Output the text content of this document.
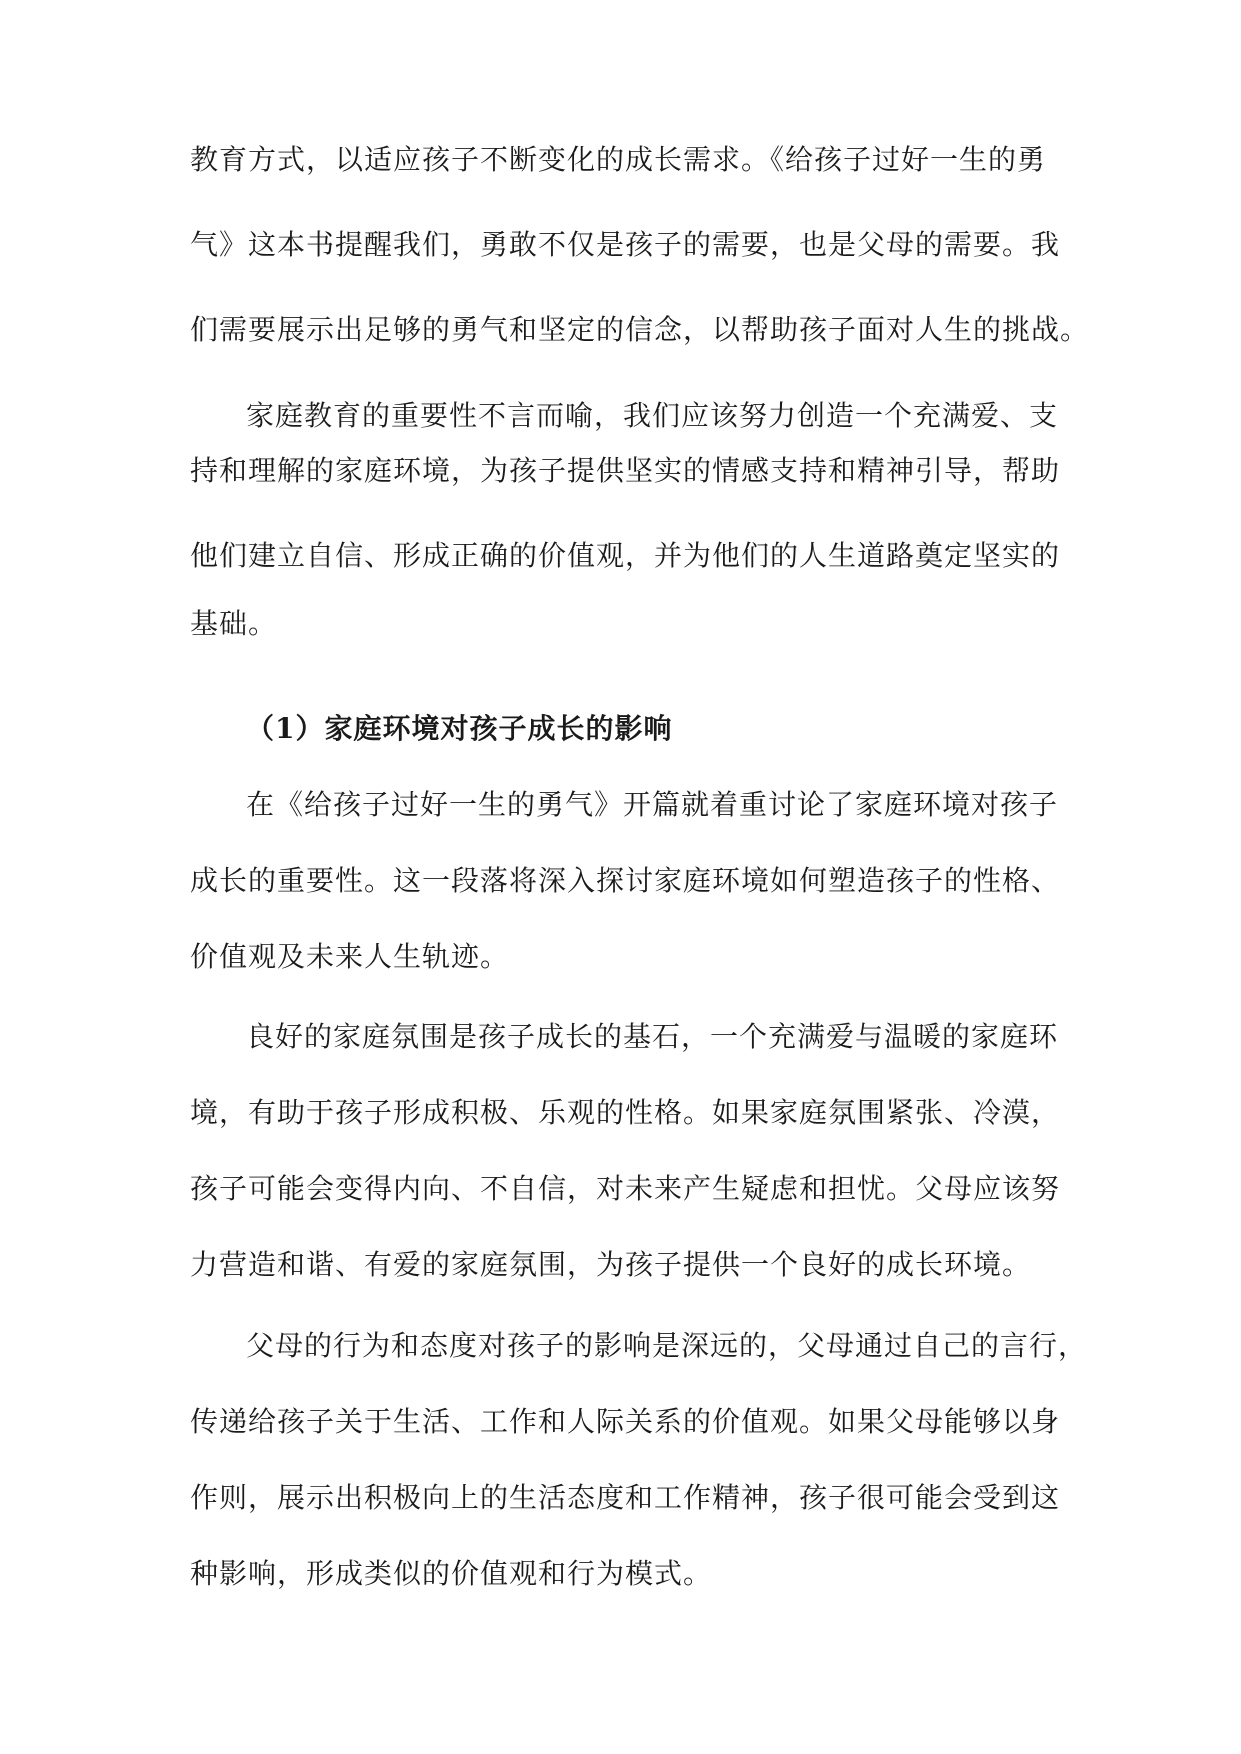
教育方式，以适应孩子不断变化的成长需求。《给孩子过好一生的勇
气》这本书提醒我们，勇敢不仅是孩子的需要，也是父母的需要。我
们需要展示出足够的勇气和坚定的信念，以帮助孩子面对人生的挑战。
家庭教育的重要性不言而喻，我们应该努力创造一个充满爱、支
持和理解的家庭环境，为孩子提供坚实的情感支持和精神引导，帮助
他们建立自信、形成正确的价值观，并为他们的人生道路奠定坚实的
基础。
（1）家庭环境对孩子成长的影响
在《给孩子过好一生的勇气》开篇就着重讨论了家庭环境对孩子
成长的重要性。这一段落将深入探讨家庭环境如何塑造孩子的性格、
价值观及未来人生轨迹。
良好的家庭氛围是孩子成长的基石，一个充满爱与温暖的家庭环
境，有助于孩子形成积极、乐观的性格。如果家庭氛围紧张、冷漠，
孩子可能会变得内向、不自信，对未来产生疑虑和担忧。父母应该努
力营造和谐、有爱的家庭氛围，为孩子提供一个良好的成长环境。
父母的行为和态度对孩子的影响是深远的，父母通过自己的言行，
传递给孩子关于生活、工作和人际关系的价值观。如果父母能够以身
作则，展示出积极向上的生活态度和工作精神，孩子很可能会受到这
种影响，形成类似的价值观和行为模式。
